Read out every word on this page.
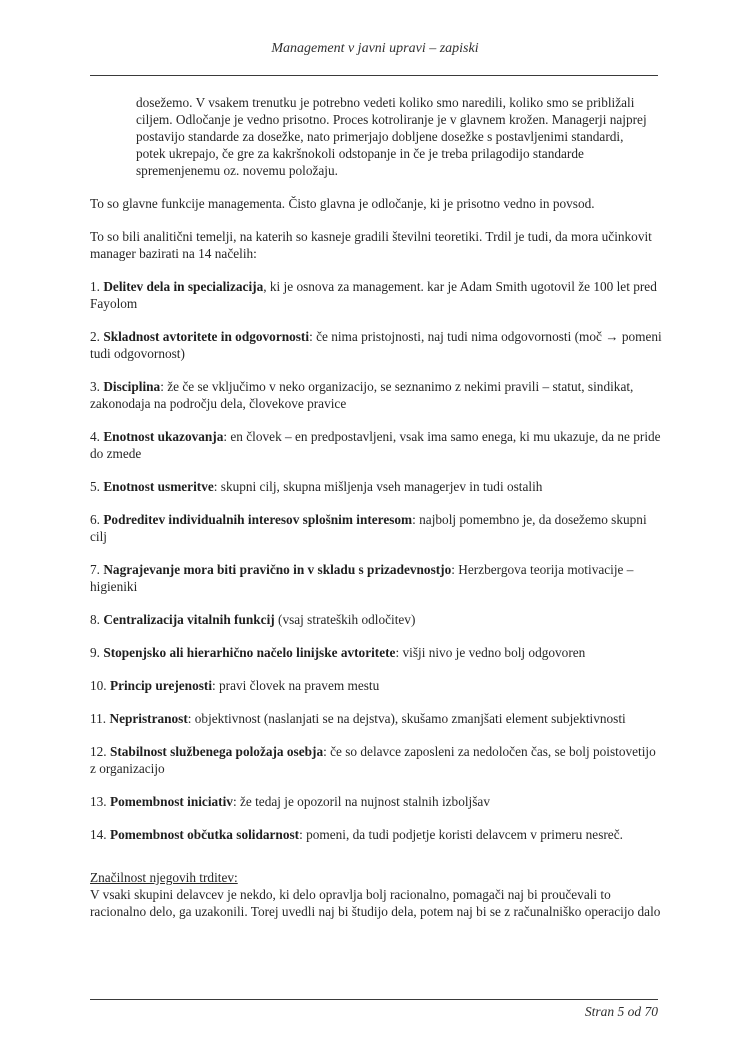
Management v javni upravi – zapiski

dosežemo. V vsakem trenutku je potrebno vedeti koliko smo naredili, koliko smo se približali ciljem. Odločanje je vedno prisotno. Proces kotroliranje je v glavnem krožen. Managerji najprej postavijo standarde za dosežke, nato primerjajo dobljene dosežke s postavljenimi standardi, potek ukrepajo, če gre za kakršnokoli odstopanje in če je treba prilagodijo standarde spremenjenemu oz. novemu položaju.

To so glavne funkcije managementa. Čisto glavna je odločanje, ki je prisotno vedno in povsod.

To so bili analitični temelji, na katerih so kasneje gradili številni teoretiki. Trdil je tudi, da mora učinkovit manager bazirati na 14 načelih:

1. Delitev dela in specializacija, ki je osnova za management. kar je Adam Smith ugotovil že 100 let pred Fayolom

2. Skladnost avtoritete in odgovornosti: če nima pristojnosti, naj tudi nima odgovornosti (moč → pomeni tudi odgovornost)

3. Disciplina: že če se vključimo v neko organizacijo, se seznanimo z nekimi pravili – statut, sindikat, zakonodaja na področju dela, človekove pravice

4. Enotnost ukazovanja: en človek – en predpostavljeni, vsak ima samo enega, ki mu ukazuje, da ne pride do zmede

5. Enotnost usmeritve: skupni cilj, skupna mišljenja vseh managerjev in tudi ostalih

6. Podreditev individualnih interesov splošnim interesom: najbolj pomembno je, da dosežemo skupni cilj

7. Nagrajevanje mora biti pravično in v skladu s prizadevnostjo: Herzbergova teorija motivacije – higieniki

8. Centralizacija vitalnih funkcij (vsaj strateških odločitev)

9. Stopenjsko ali hierarhično načelo linijske avtoritete: višji nivo je vedno bolj odgovoren

10. Princip urejenosti: pravi človek na pravem mestu

11. Nepristranost: objektivnost (naslanjati se na dejstva), skušamo zmanjšati element subjektivnosti

12. Stabilnost službenega položaja osebja: če so delavce zaposleni za nedoločen čas, se bolj poistovetijo z organizacijo

13. Pomembnost iniciativ: že tedaj je opozoril na nujnost stalnih izboljšav

14. Pomembnost občutka solidarnost: pomeni, da tudi podjetje koristi delavcem v primeru nesreč.

Značilnost njegovih trditev:

V vsaki skupini delavcev je nekdo, ki delo opravlja bolj racionalno, pomagači naj bi proučevali to racionalno delo, ga uzakonili. Torej uvedli naj bi študijo dela, potem naj bi se z računalniško operacijo dalo

Stran 5 od 70
